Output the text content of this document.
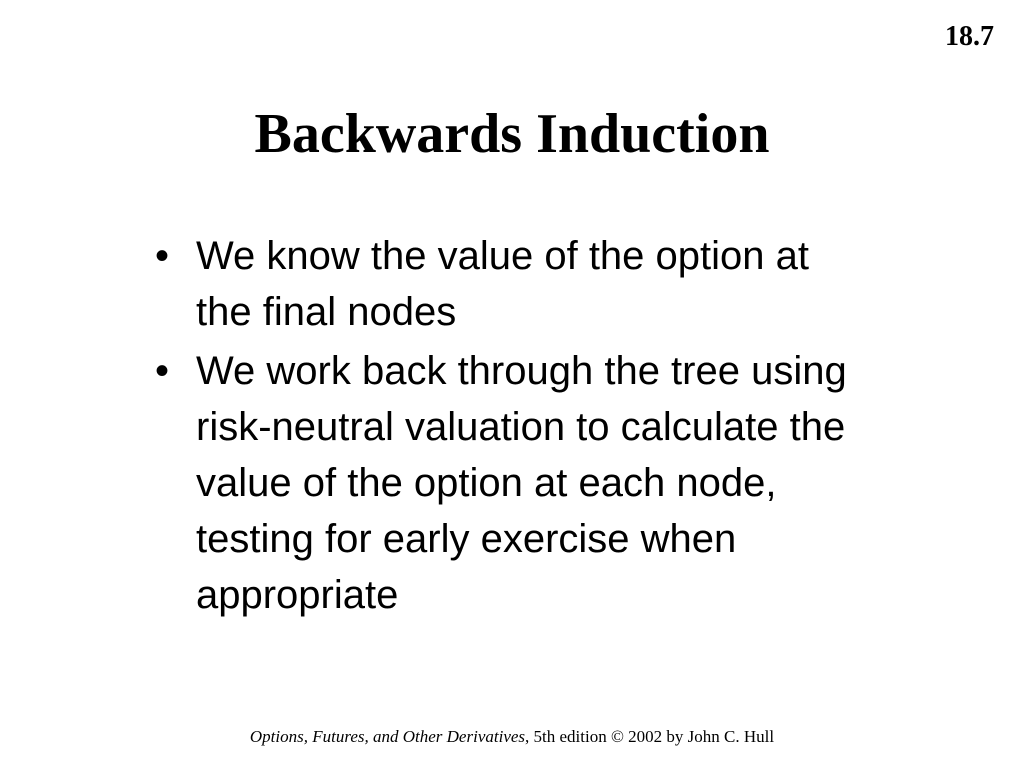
18.7
Backwards Induction
• We know the value of the option at the final nodes
• We work back through the tree using risk-neutral valuation to calculate the value of the option at each node, testing for early exercise when appropriate
Options, Futures, and Other Derivatives, 5th edition © 2002 by John C. Hull
